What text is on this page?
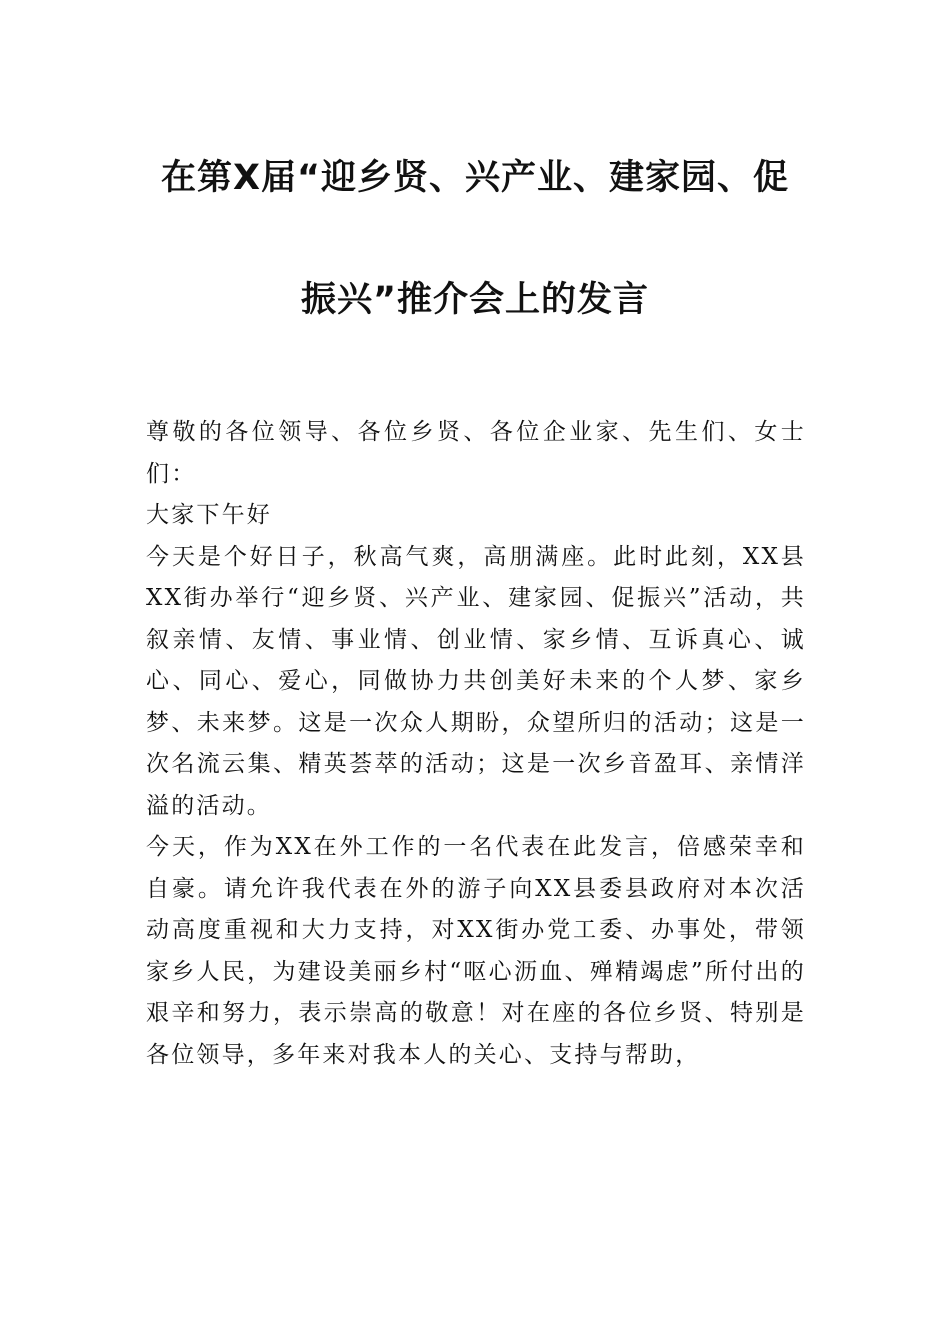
在第X届“迎乡贤、兴产业、建家园、促
振兴”推介会上的发言

尊敬的各位领导、各位乡贤、各位企业家、先生们、女士们：

大家下午好

今天是个好日子，秋高气爽，高朋满座。此时此刻，XX县XX街办举行“迎乡贤、兴产业、建家园、促振兴”活动，共叙亲情、友情、事业情、创业情、家乡情、互诉真心、诚心、同心、爱心，同做协力共创美好未来的个人梦、家乡梦、未来梦。这是一次众人期盼，众望所归的活动；这是一次名流云集、精英荟萃的活动；这是一次乡音盈耳、亲情洋溢的活动。

今天，作为XX在外工作的一名代表在此发言，倍感荣幸和自豪。请允许我代表在外的游子向XX县委县政府对本次活动高度重视和大力支持，对XX街办党工委、办事处，带领家乡人民，为建设美丽乡村“呕心沥血、殚精竭虑”所付出的艰辛和努力，表示崇高的敬意！对在座的各位乡贤、特别是各位领导，多年来对我本人的关心、支持与帮助，
